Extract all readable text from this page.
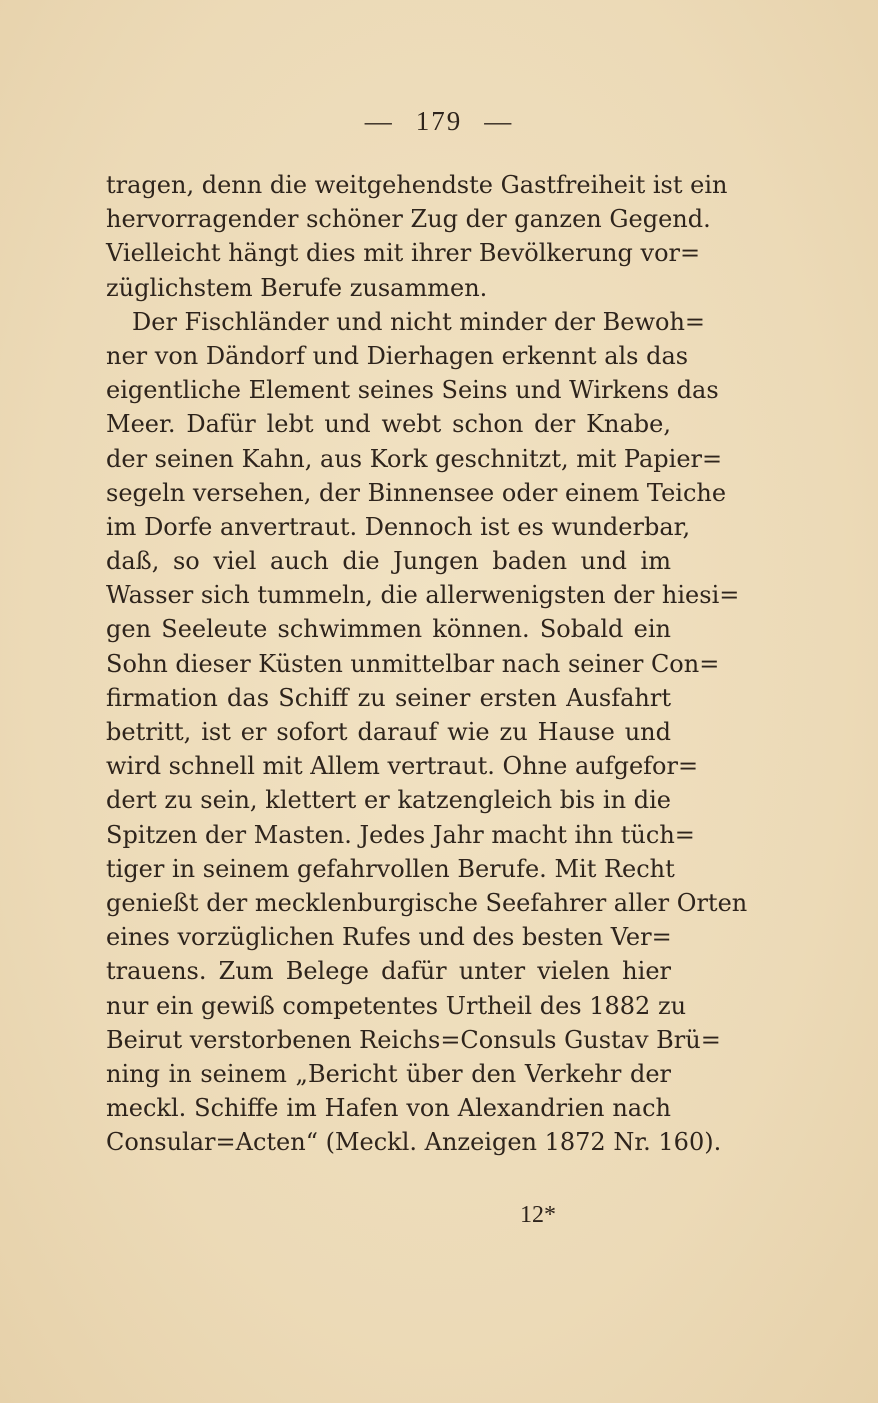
— 179 —
tragen, denn die weitgehendste Gastfreiheit ist ein
hervorragender schöner Zug der ganzen Gegend.
Vielleicht hängt dies mit ihrer Bevölkerung vor=
züglichstem Berufe zusammen.
Der Fischländer und nicht minder der Bewoh=
ner von Dändorf und Dierhagen erkennt als das
eigentliche Element seines Seins und Wirkens das
Meer. Dafür lebt und webt schon der Knabe,
der seinen Kahn, aus Kork geschnitzt, mit Papier=
segeln versehen, der Binnensee oder einem Teiche
im Dorfe anvertraut. Dennoch ist es wunderbar,
daß, so viel auch die Jungen baden und im
Wasser sich tummeln, die allerwenigsten der hiesi=
gen Seeleute schwimmen können. Sobald ein
Sohn dieser Küsten unmittelbar nach seiner Con=
firmation das Schiff zu seiner ersten Ausfahrt
betritt, ist er sofort darauf wie zu Hause und
wird schnell mit Allem vertraut. Ohne aufgefor=
dert zu sein, klettert er katzengleich bis in die
Spitzen der Masten. Jedes Jahr macht ihn tüch=
tiger in seinem gefahrvollen Berufe. Mit Recht
genießt der mecklenburgische Seefahrer aller Orten
eines vorzüglichen Rufes und des besten Ver=
trauens. Zum Belege dafür unter vielen hier
nur ein gewiß competentes Urtheil des 1882 zu
Beirut verstorbenen Reichs=Consuls Gustav Brü=
ning in seinem „Bericht über den Verkehr der
meckl. Schiffe im Hafen von Alexandrien nach
Consular=Acten“ (Meckl. Anzeigen 1872 Nr. 160).
12*
